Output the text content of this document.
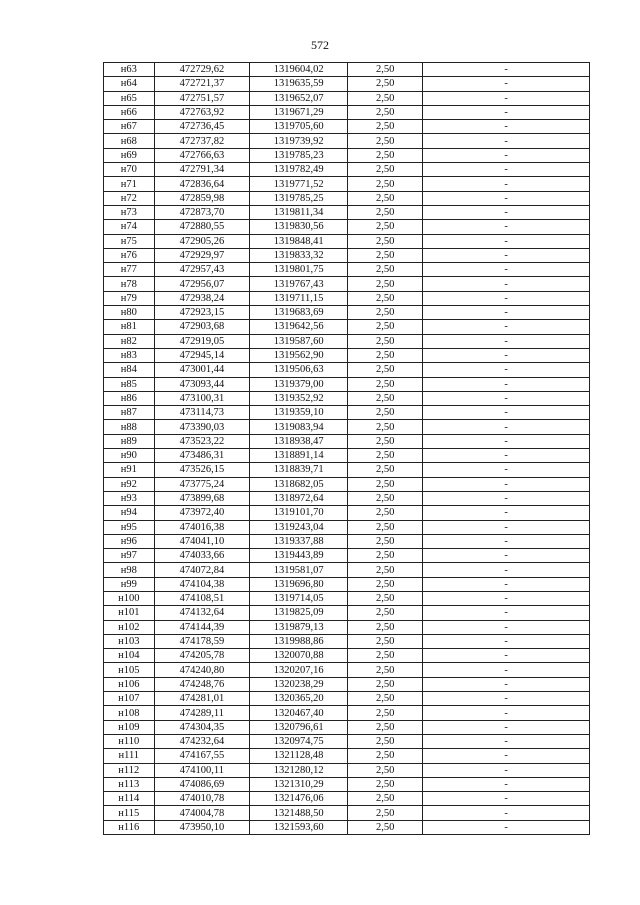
572
н63	472729,62	1319604,02	2,50	-
н64	472721,37	1319635,59	2,50	-
н65	472751,57	1319652,07	2,50	-
н66	472763,92	1319671,29	2,50	-
н67	472736,45	1319705,60	2,50	-
н68	472737,82	1319739,92	2,50	-
н69	472766,63	1319785,23	2,50	-
н70	472791,34	1319782,49	2,50	-
н71	472836,64	1319771,52	2,50	-
н72	472859,98	1319785,25	2,50	-
н73	472873,70	1319811,34	2,50	-
н74	472880,55	1319830,56	2,50	-
н75	472905,26	1319848,41	2,50	-
н76	472929,97	1319833,32	2,50	-
н77	472957,43	1319801,75	2,50	-
н78	472956,07	1319767,43	2,50	-
н79	472938,24	1319711,15	2,50	-
н80	472923,15	1319683,69	2,50	-
н81	472903,68	1319642,56	2,50	-
н82	472919,05	1319587,60	2,50	-
н83	472945,14	1319562,90	2,50	-
н84	473001,44	1319506,63	2,50	-
н85	473093,44	1319379,00	2,50	-
н86	473100,31	1319352,92	2,50	-
н87	473114,73	1319359,10	2,50	-
н88	473390,03	1319083,94	2,50	-
н89	473523,22	1318938,47	2,50	-
н90	473486,31	1318891,14	2,50	-
н91	473526,15	1318839,71	2,50	-
н92	473775,24	1318682,05	2,50	-
н93	473899,68	1318972,64	2,50	-
н94	473972,40	1319101,70	2,50	-
н95	474016,38	1319243,04	2,50	-
н96	474041,10	1319337,88	2,50	-
н97	474033,66	1319443,89	2,50	-
н98	474072,84	1319581,07	2,50	-
н99	474104,38	1319696,80	2,50	-
н100	474108,51	1319714,05	2,50	-
н101	474132,64	1319825,09	2,50	-
н102	474144,39	1319879,13	2,50	-
н103	474178,59	1319988,86	2,50	-
н104	474205,78	1320070,88	2,50	-
н105	474240,80	1320207,16	2,50	-
н106	474248,76	1320238,29	2,50	-
н107	474281,01	1320365,20	2,50	-
н108	474289,11	1320467,40	2,50	-
н109	474304,35	1320796,61	2,50	-
н110	474232,64	1320974,75	2,50	-
н111	474167,55	1321128,48	2,50	-
н112	474100,11	1321280,12	2,50	-
н113	474086,69	1321310,29	2,50	-
н114	474010,78	1321476,06	2,50	-
н115	474004,78	1321488,50	2,50	-
н116	473950,10	1321593,60	2,50	-
